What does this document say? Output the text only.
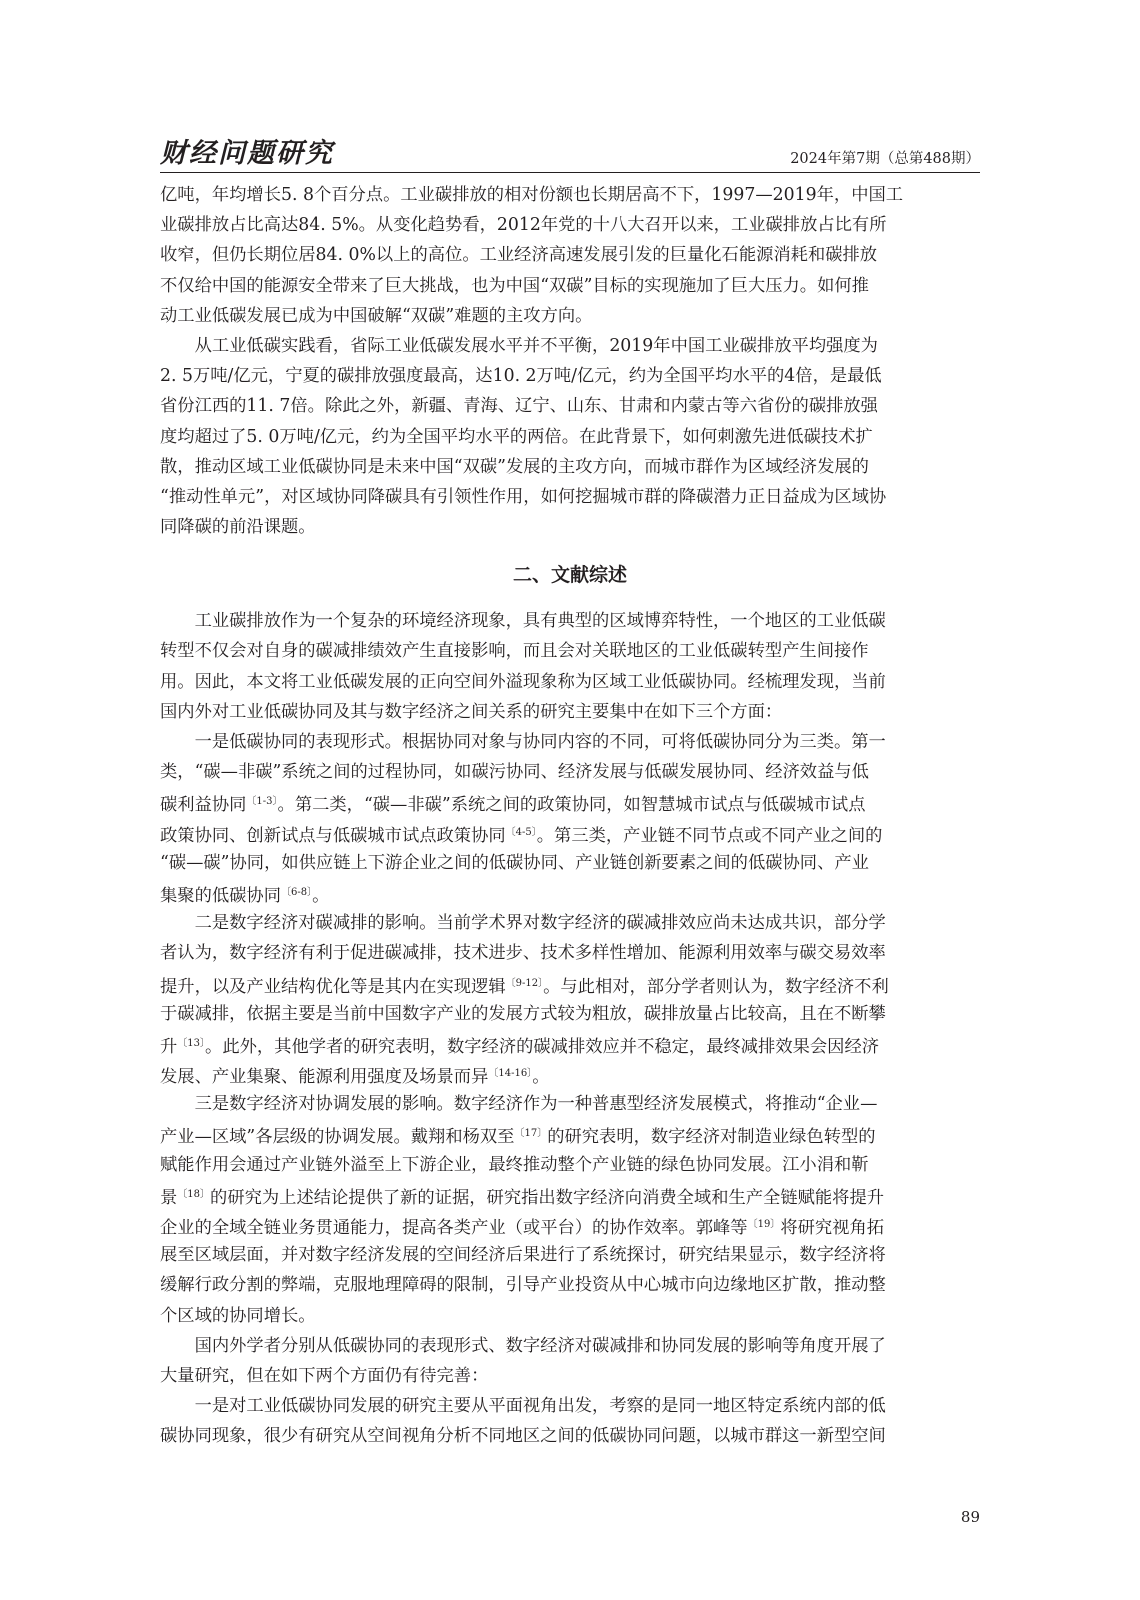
财经问题研究	2024年第7期（总第488期）
亿吨，年均增长5. 8个百分点。工业碳排放的相对份额也长期居高不下，1997—2019年，中国工
业碳排放占比高达84. 5%。从变化趋势看，2012年党的十八大召开以来，工业碳排放占比有所
收窄，但仍长期位居84. 0%以上的高位。工业经济高速发展引发的巨量化石能源消耗和碳排放
不仅给中国的能源安全带来了巨大挑战，也为中国“双碳”目标的实现施加了巨大压力。如何推
动工业低碳发展已成为中国破解“双碳”难题的主攻方向。
　　从工业低碳实践看，省际工业低碳发展水平并不平衡，2019年中国工业碳排放平均强度为
2. 5万吨/亿元，宁夏的碳排放强度最高，达10. 2万吨/亿元，约为全国平均水平的4倍，是最低
省份江西的11. 7倍。除此之外，新疆、青海、辽宁、山东、甘肃和内蒙古等六省份的碳排放强
度均超过了5. 0万吨/亿元，约为全国平均水平的两倍。在此背景下，如何刺激先进低碳技术扩
散，推动区域工业低碳协同是未来中国“双碳”发展的主攻方向，而城市群作为区域经济发展的
“推动性单元”，对区域协同降碳具有引领性作用，如何挖掘城市群的降碳潜力正日益成为区域协
同降碳的前沿课题。
二、文献综述
　　工业碳排放作为一个复杂的环境经济现象，具有典型的区域博弈特性，一个地区的工业低碳
转型不仅会对自身的碳减排绩效产生直接影响，而且会对关联地区的工业低碳转型产生间接作
用。因此，本文将工业低碳发展的正向空间外溢现象称为区域工业低碳协同。经梳理发现，当前
国内外对工业低碳协同及其与数字经济之间关系的研究主要集中在如下三个方面：
　　一是低碳协同的表现形式。根据协同对象与协同内容的不同，可将低碳协同分为三类。第一
类，“碳—非碳”系统之间的过程协同，如碳污协同、经济发展与低碳发展协同、经济效益与低
碳利益协同$^{〔1-3〕}$。第二类，“碳—非碳”系统之间的政策协同，如智慧城市试点与低碳城市试点
政策协同、创新试点与低碳城市试点政策协同$^{〔4-5〕}$。第三类，产业链不同节点或不同产业之间的
“碳—碳”协同，如供应链上下游企业之间的低碳协同、产业链创新要素之间的低碳协同、产业
集聚的低碳协同$^{〔6-8〕}$。
　　二是数字经济对碳减排的影响。当前学术界对数字经济的碳减排效应尚未达成共识，部分学
者认为，数字经济有利于促进碳减排，技术进步、技术多样性增加、能源利用效率与碳交易效率
提升，以及产业结构优化等是其内在实现逻辑$^{〔9-12〕}$。与此相对，部分学者则认为，数字经济不利
于碳减排，依据主要是当前中国数字产业的发展方式较为粗放，碳排放量占比较高，且在不断攀
升$^{〔13〕}$。此外，其他学者的研究表明，数字经济的碳减排效应并不稳定，最终减排效果会因经济
发展、产业集聚、能源利用强度及场景而异$^{〔14-16〕}$。
　　三是数字经济对协调发展的影响。数字经济作为一种普惠型经济发展模式，将推动“企业—
产业—区域”各层级的协调发展。戴翔和杨双至$^{〔17〕}$的研究表明，数字经济对制造业绿色转型的
赋能作用会通过产业链外溢至上下游企业，最终推动整个产业链的绿色协同发展。江小涓和靳
景$^{〔18〕}$的研究为上述结论提供了新的证据，研究指出数字经济向消费全域和生产全链赋能将提升
企业的全域全链业务贯通能力，提高各类产业（或平台）的协作效率。郭峰等$^{〔19〕}$将研究视角拓
展至区域层面，并对数字经济发展的空间经济后果进行了系统探讨，研究结果显示，数字经济将
缓解行政分割的弊端，克服地理障碍的限制，引导产业投资从中心城市向边缘地区扩散，推动整
个区域的协同增长。
　　国内外学者分别从低碳协同的表现形式、数字经济对碳减排和协同发展的影响等角度开展了
大量研究，但在如下两个方面仍有待完善：
　　一是对工业低碳协同发展的研究主要从平面视角出发，考察的是同一地区特定系统内部的低
碳协同现象，很少有研究从空间视角分析不同地区之间的低碳协同问题，以城市群这一新型空间
89
